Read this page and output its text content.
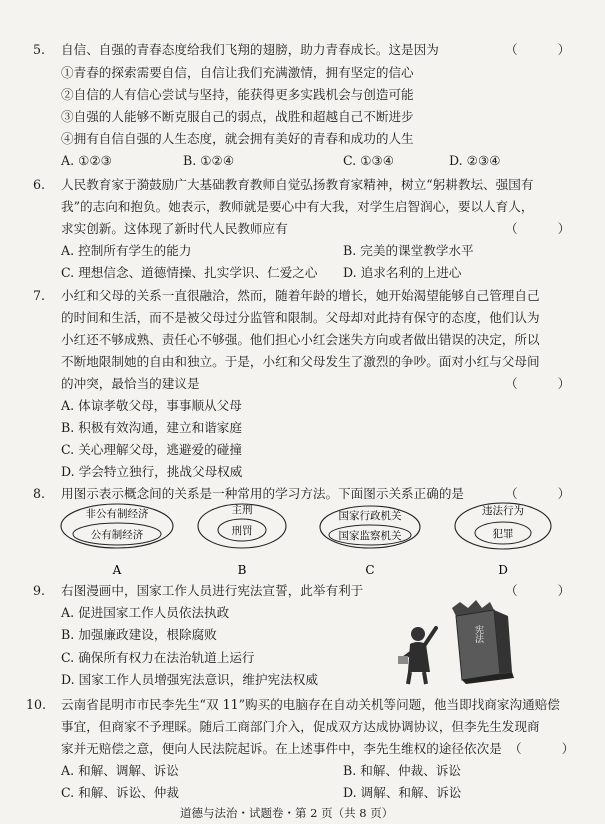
5. 自信、自强的青春态度给我们飞翔的翅膀，助力青春成长。这是因为	（ ）
①青春的探索需要自信，自信让我们充满激情，拥有坚定的信心
②自信的人有信心尝试与坚持，能获得更多实践机会与创造可能
③自强的人能够不断克服自己的弱点，战胜和超越自己不断进步
④拥有自信自强的人生态度，就会拥有美好的青春和成功的人生
A. ①②③	B. ①②④	C. ①③④	D. ②③④
6. 人民教育家于漪鼓励广大基础教育教师自觉弘扬教育家精神，树立“躬耕教坛、强国有
我”的志向和抱负。她表示，教师就是要心中有大我，对学生启智润心，要以人育人，
求实创新。这体现了新时代人民教师应有	（ ）
A. 控制所有学生的能力	B. 完美的课堂教学水平
C. 理想信念、道德情操、扎实学识、仁爱之心 D. 追求名利的上进心
7. 小红和父母的关系一直很融洽，然而，随着年龄的增长，她开始渴望能够自己管理自己
的时间和生活，而不是被父母过分监管和限制。父母却对此持有保守的态度，他们认为
小红还不够成熟、责任心不够强。他们担心小红会迷失方向或者做出错误的决定，所以
不断地限制她的自由和独立。于是，小红和父母发生了激烈的争吵。面对小红与父母间
的冲突，最恰当的建议是	（ ）
A. 体谅孝敬父母，事事顺从父母
B. 积极有效沟通，建立和谐家庭
C. 关心理解父母，逃避爱的碰撞
D. 学会特立独行，挑战父母权威
8. 用图示表示概念间的关系是一种常用的学习方法。下面图示关系正确的是	（ ）
非公有制经济
公有制经济
A
主刑
刑罚
B
国家行政机关
国家监察机关
C
违法行为
犯罪
D
9. 右图漫画中，国家工作人员进行宪法宣誓，此举有利于	（ ）
A. 促进国家工作人员依法执政
B. 加强廉政建设，根除腐败
C. 确保所有权力在法治轨道上运行
D. 国家工作人员增强宪法意识，维护宪法权威
宪法
10. 云南省昆明市市民李先生“双 11”购买的电脑存在自动关机等问题，他当即找商家沟通赔偿
事宜，但商家不予理睬。随后工商部门介入，促成双方达成协调协议，但李先生发现商
家并无赔偿之意，便向人民法院起诉。在上述事件中，李先生维权的途径依次是 （ ）
A. 和解、调解、诉讼	B. 和解、仲裁、诉讼
C. 和解、诉讼、仲裁	D. 调解、和解、诉讼
道德与法治・试题卷・第 2 页（共 8 页）
